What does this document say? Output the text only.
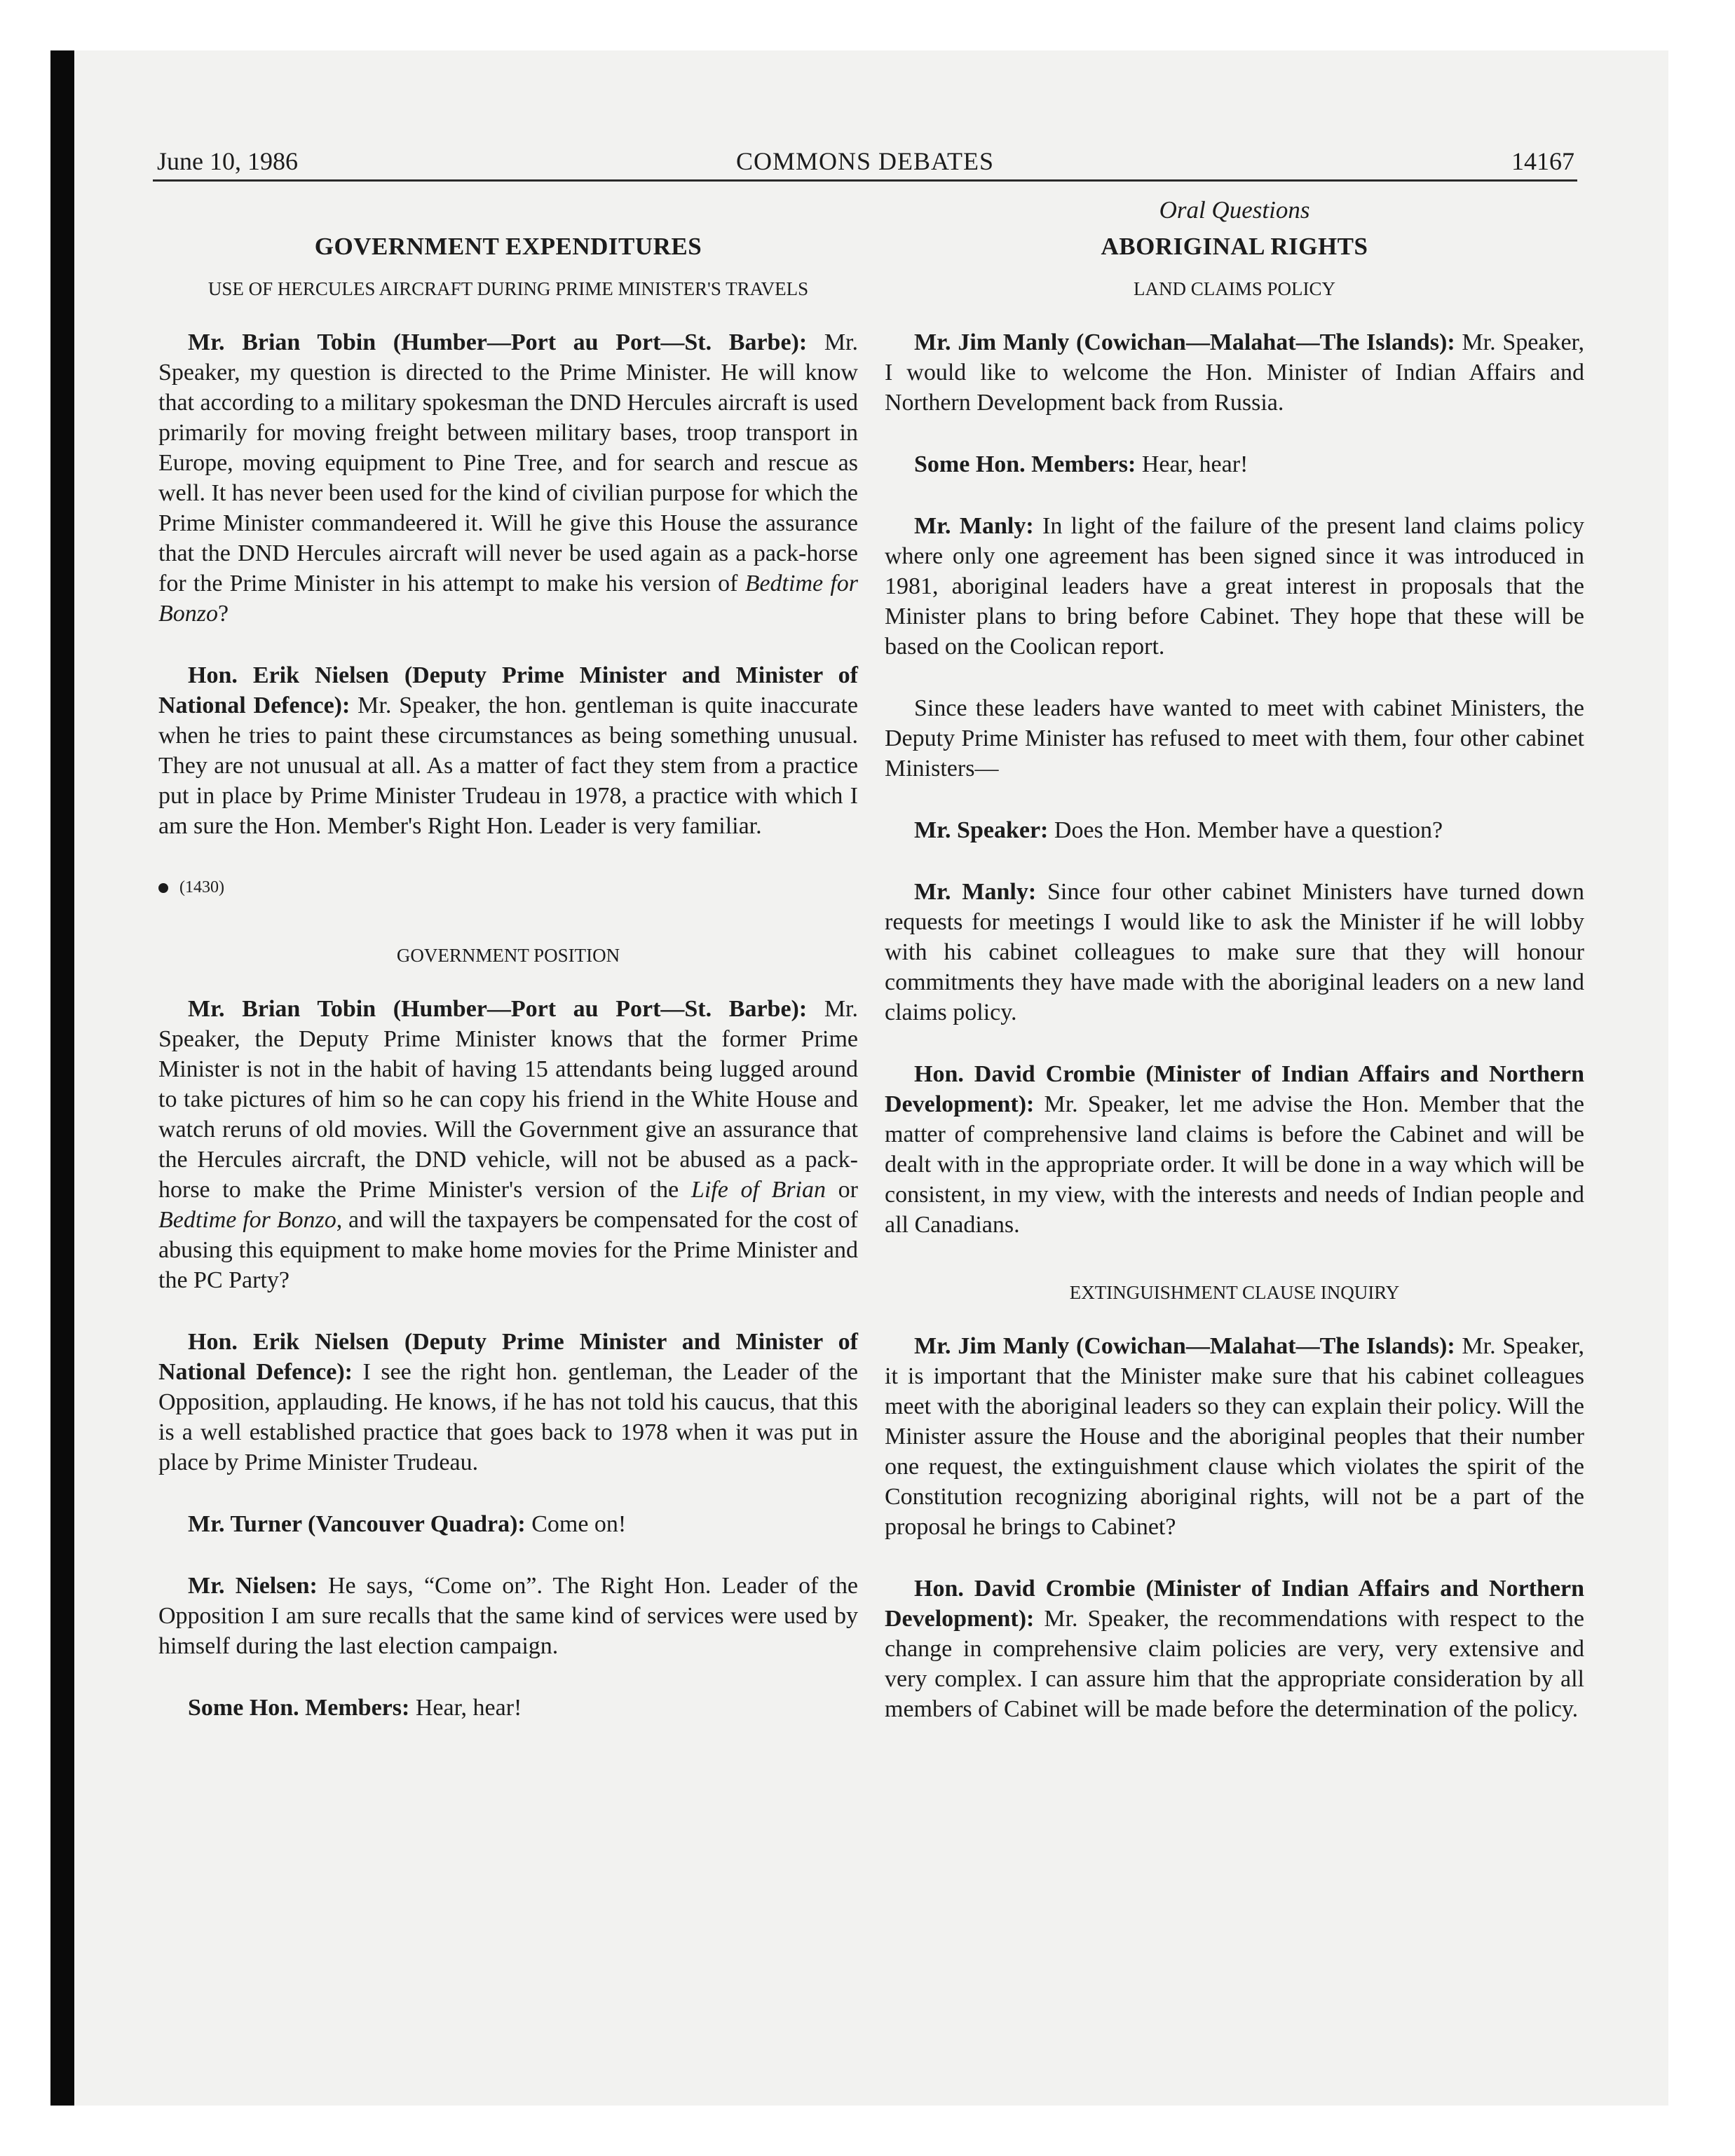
June 10, 1986	COMMONS DEBATES	14167
GOVERNMENT EXPENDITURES
USE OF HERCULES AIRCRAFT DURING PRIME MINISTER'S TRAVELS

Mr. Brian Tobin (Humber—Port au Port—St. Barbe): Mr. Speaker, my question is directed to the Prime Minister. He will know that according to a military spokesman the DND Hercules aircraft is used primarily for moving freight between military bases, troop transport in Europe, moving equipment to Pine Tree, and for search and rescue as well. It has never been used for the kind of civilian purpose for which the Prime Minister commandeered it. Will he give this House the assurance that the DND Hercules aircraft will never be used again as a pack-horse for the Prime Minister in his attempt to make his version of Bedtime for Bonzo?

Hon. Erik Nielsen (Deputy Prime Minister and Minister of National Defence): Mr. Speaker, the hon. gentleman is quite inaccurate when he tries to paint these circumstances as being something unusual. They are not unusual at all. As a matter of fact they stem from a practice put in place by Prime Minister Trudeau in 1978, a practice with which I am sure the Hon. Member's Right Hon. Leader is very familiar.

(1430)
GOVERNMENT POSITION

Mr. Brian Tobin (Humber—Port au Port—St. Barbe): Mr. Speaker, the Deputy Prime Minister knows that the former Prime Minister is not in the habit of having 15 attendants being lugged around to take pictures of him so he can copy his friend in the White House and watch reruns of old movies. Will the Government give an assurance that the Hercules aircraft, the DND vehicle, will not be abused as a pack-horse to make the Prime Minister's version of the Life of Brian or Bedtime for Bonzo, and will the taxpayers be compensated for the cost of abusing this equipment to make home movies for the Prime Minister and the PC Party?

Hon. Erik Nielsen (Deputy Prime Minister and Minister of National Defence): I see the right hon. gentleman, the Leader of the Opposition, applauding. He knows, if he has not told his caucus, that this is a well established practice that goes back to 1978 when it was put in place by Prime Minister Trudeau.

Mr. Turner (Vancouver Quadra): Come on!

Mr. Nielsen: He says, “Come on”. The Right Hon. Leader of the Opposition I am sure recalls that the same kind of services were used by himself during the last election campaign.

Some Hon. Members: Hear, hear!

Oral Questions
ABORIGINAL RIGHTS
LAND CLAIMS POLICY

Mr. Jim Manly (Cowichan—Malahat—The Islands): Mr. Speaker, I would like to welcome the Hon. Minister of Indian Affairs and Northern Development back from Russia.

Some Hon. Members: Hear, hear!

Mr. Manly: In light of the failure of the present land claims policy where only one agreement has been signed since it was introduced in 1981, aboriginal leaders have a great interest in proposals that the Minister plans to bring before Cabinet. They hope that these will be based on the Coolican report.

Since these leaders have wanted to meet with cabinet Ministers, the Deputy Prime Minister has refused to meet with them, four other cabinet Ministers—

Mr. Speaker: Does the Hon. Member have a question?

Mr. Manly: Since four other cabinet Ministers have turned down requests for meetings I would like to ask the Minister if he will lobby with his cabinet colleagues to make sure that they will honour commitments they have made with the aboriginal leaders on a new land claims policy.

Hon. David Crombie (Minister of Indian Affairs and Northern Development): Mr. Speaker, let me advise the Hon. Member that the matter of comprehensive land claims is before the Cabinet and will be dealt with in the appropriate order. It will be done in a way which will be consistent, in my view, with the interests and needs of Indian people and all Canadians.

EXTINGUISHMENT CLAUSE INQUIRY

Mr. Jim Manly (Cowichan—Malahat—The Islands): Mr. Speaker, it is important that the Minister make sure that his cabinet colleagues meet with the aboriginal leaders so they can explain their policy. Will the Minister assure the House and the aboriginal peoples that their number one request, the extinguishment clause which violates the spirit of the Constitution recognizing aboriginal rights, will not be a part of the proposal he brings to Cabinet?

Hon. David Crombie (Minister of Indian Affairs and Northern Development): Mr. Speaker, the recommendations with respect to the change in comprehensive claim policies are very, very extensive and very complex. I can assure him that the appropriate consideration by all members of Cabinet will be made before the determination of the policy.
